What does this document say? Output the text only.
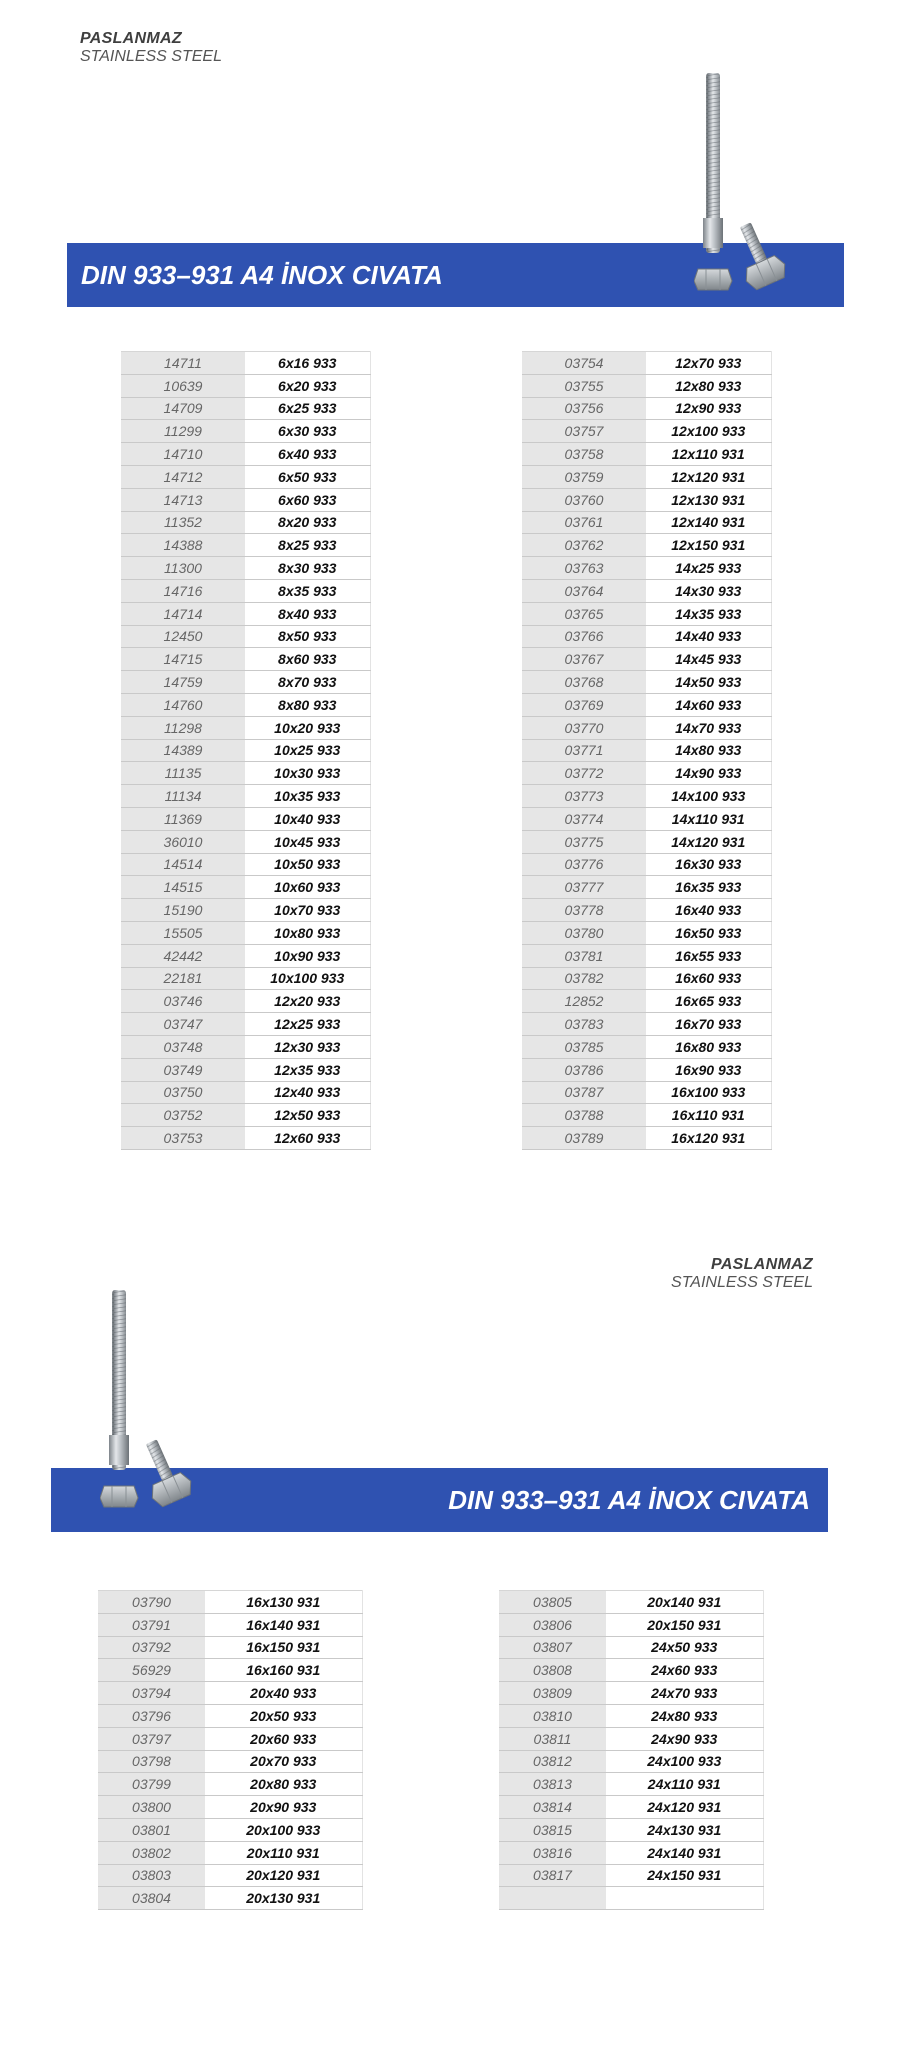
PASLANMAZ
STAINLESS STEEL
DIN 933–931 A4 İNOX CIVATA
14711	6x16 933
10639	6x20 933
14709	6x25 933
11299	6x30 933
14710	6x40 933
14712	6x50 933
14713	6x60 933
11352	8x20 933
14388	8x25 933
11300	8x30 933
14716	8x35 933
14714	8x40 933
12450	8x50 933
14715	8x60 933
14759	8x70 933
14760	8x80 933
11298	10x20 933
14389	10x25 933
11135	10x30 933
11134	10x35 933
11369	10x40 933
36010	10x45 933
14514	10x50 933
14515	10x60 933
15190	10x70 933
15505	10x80 933
42442	10x90 933
22181	10x100 933
03746	12x20 933
03747	12x25 933
03748	12x30 933
03749	12x35 933
03750	12x40 933
03752	12x50 933
03753	12x60 933
03754	12x70 933
03755	12x80 933
03756	12x90 933
03757	12x100 933
03758	12x110 931
03759	12x120 931
03760	12x130 931
03761	12x140 931
03762	12x150 931
03763	14x25 933
03764	14x30 933
03765	14x35 933
03766	14x40 933
03767	14x45 933
03768	14x50 933
03769	14x60 933
03770	14x70 933
03771	14x80 933
03772	14x90 933
03773	14x100 933
03774	14x110 931
03775	14x120 931
03776	16x30 933
03777	16x35 933
03778	16x40 933
03780	16x50 933
03781	16x55 933
03782	16x60 933
12852	16x65 933
03783	16x70 933
03785	16x80 933
03786	16x90 933
03787	16x100 933
03788	16x110 931
03789	16x120 931
PASLANMAZ
STAINLESS STEEL
DIN 933–931 A4 İNOX CIVATA
03790	16x130 931
03791	16x140 931
03792	16x150 931
56929	16x160 931
03794	20x40 933
03796	20x50 933
03797	20x60 933
03798	20x70 933
03799	20x80 933
03800	20x90 933
03801	20x100 933
03802	20x110 931
03803	20x120 931
03804	20x130 931
03805	20x140 931
03806	20x150 931
03807	24x50 933
03808	24x60 933
03809	24x70 933
03810	24x80 933
03811	24x90 933
03812	24x100 933
03813	24x110 931
03814	24x120 931
03815	24x130 931
03816	24x140 931
03817	24x150 931
